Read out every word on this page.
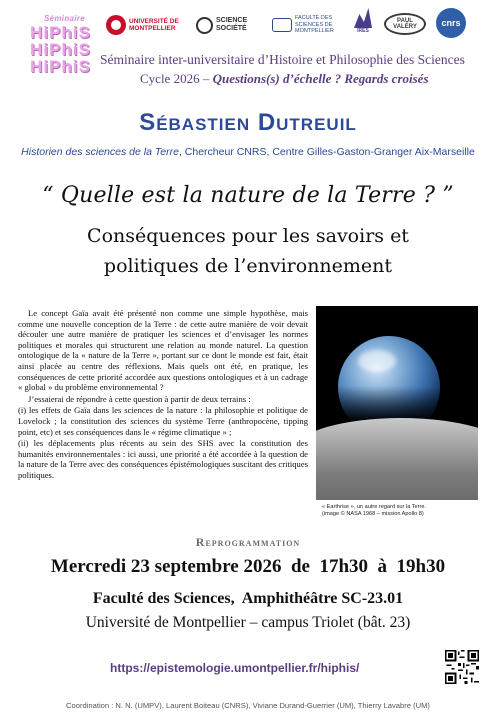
Séminaire
HiPhiS
HiPhiS
HiPhiS
UNIVERSITÉ DE MONTPELLIER
SCIENCE SOCIÉTÉ
FACULTÉ DES SCIENCES DE MONTPELLIER	IRES
PAUL VALÉRY	cnrs
Séminaire inter-universitaire d’Histoire et Philosophie des Sciences
Cycle 2026 – Questions(s) d’échelle ? Regards croisés
Sébastien Dutreuil
Historien des sciences de la Terre, Chercheur CNRS, Centre Gilles-Gaston-Granger Aix-Marseille
“ Quelle est la nature de la Terre ? ”
Conséquences pour les savoirs et politiques de l’environnement

Le concept Gaïa avait été présenté non comme une simple hypothèse, mais comme une nouvelle conception de la Terre : de cette autre manière de voir devait découler une autre manière de pratiquer les sciences et d’envisager les normes politiques et morales qui structurent une relation au monde naturel. La question ontologique de la « nature de la Terre », portant sur ce dont le monde est fait, était ainsi placée au centre des réflexions. Mais quels ont été, en pratique, les conséquences de cette priorité accordée aux questions ontologiques et à un cadrage « global » du problème environnemental ?

J’essaierai de répondre à cette question à partir de deux terrains :

(i) les effets de Gaïa dans les sciences de la nature : la philosophie et politique de Lovelock ; la constitution des sciences du système Terre (anthropocène, tipping point, etc) et ses conséquences dans le « régime climatique » ;

(ii) les déplacements plus récents au sein des SHS avec la constitution des humanités environnementales : ici aussi, une priorité a été accordée à la question de la nature de la Terre avec des conséquences épistémologiques suscitant des critiques politiques.

« Earthrise », un autre regard sur la Terre.
(image © NASA 1968 – mission Apollo 8)
Reprogrammation
Mercredi 23 septembre 2026  de  17h30  à  19h30
Faculté des Sciences,  Amphithéâtre SC-23.01
Université de Montpellier – campus Triolet (bât. 23)
https://epistemologie.umontpellier.fr/hiphis/
Coordination : N. N. (UMPV), Laurent Boiteau (CNRS), Viviane Durand-Guerrier (UM), Thierry Lavabre (UM)
